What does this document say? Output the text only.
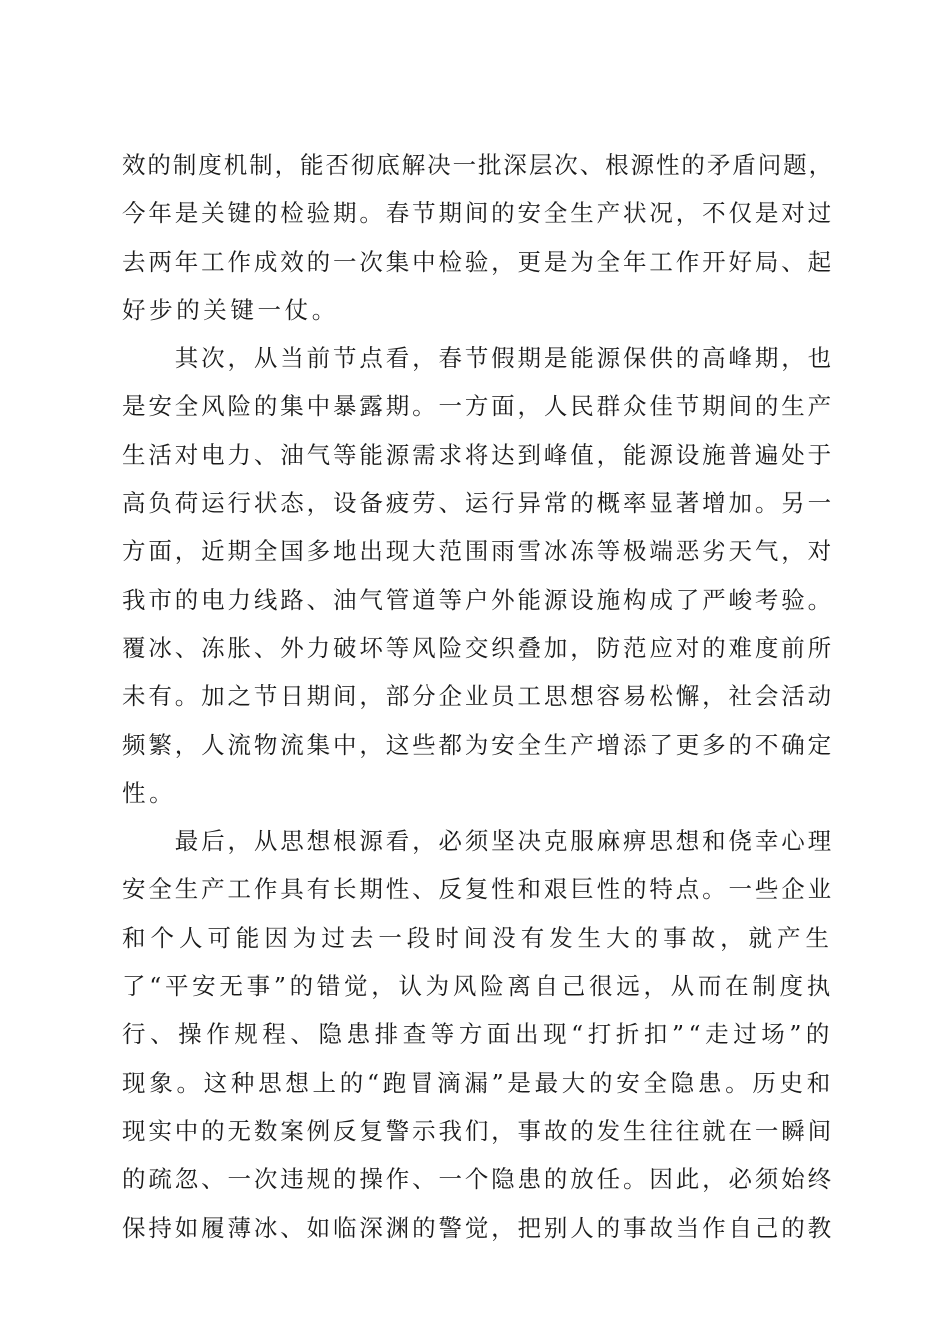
效的制度机制，能否彻底解决一批深层次、根源性的矛盾问题，
今年是关键的检验期。春节期间的安全生产状况，不仅是对过
去两年工作成效的一次集中检验，更是为全年工作开好局、起
好步的关键一仗。
　　其次，从当前节点看，春节假期是能源保供的高峰期，也
是安全风险的集中暴露期。一方面，人民群众佳节期间的生产
生活对电力、油气等能源需求将达到峰值，能源设施普遍处于
高负荷运行状态，设备疲劳、运行异常的概率显著增加。另一
方面，近期全国多地出现大范围雨雪冰冻等极端恶劣天气，对
我市的电力线路、油气管道等户外能源设施构成了严峻考验。
覆冰、冻胀、外力破坏等风险交织叠加，防范应对的难度前所
未有。加之节日期间，部分企业员工思想容易松懈，社会活动
频繁，人流物流集中，这些都为安全生产增添了更多的不确定
性。
　　最后，从思想根源看，必须坚决克服麻痹思想和侥幸心理
安全生产工作具有长期性、反复性和艰巨性的特点。一些企业
和个人可能因为过去一段时间没有发生大的事故，就产生
了“平安无事”的错觉，认为风险离自己很远，从而在制度执
行、操作规程、隐患排查等方面出现“打折扣”“走过场”的
现象。这种思想上的“跑冒滴漏”是最大的安全隐患。历史和
现实中的无数案例反复警示我们，事故的发生往往就在一瞬间
的疏忽、一次违规的操作、一个隐患的放任。因此，必须始终
保持如履薄冰、如临深渊的警觉，把别人的事故当作自己的教
